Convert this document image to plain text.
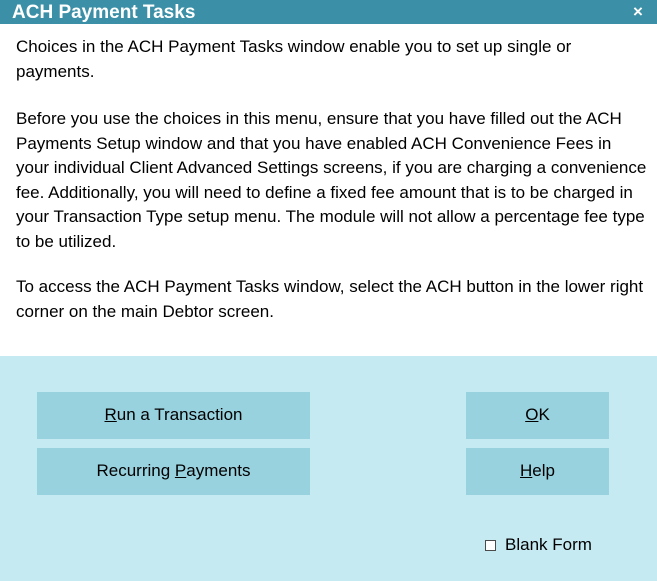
ACH Payment Tasks	×

Choices in the ACH Payment Tasks window enable you to set up single or payments.

Before you use the choices in this menu, ensure that you have filled out the ACH Payments Setup window and that you have enabled ACH Convenience Fees in your individual Client Advanced Settings screens, if you are charging a convenience fee. Additionally, you will need to define a fixed fee amount that is to be charged in your Transaction Type setup menu. The module will not allow a percentage fee type to be utilized.

To access the ACH Payment Tasks window, select the ACH button in the lower right corner on the main Debtor screen.

Run a Transaction
Recurring Payments
OK
Help
Blank Form
